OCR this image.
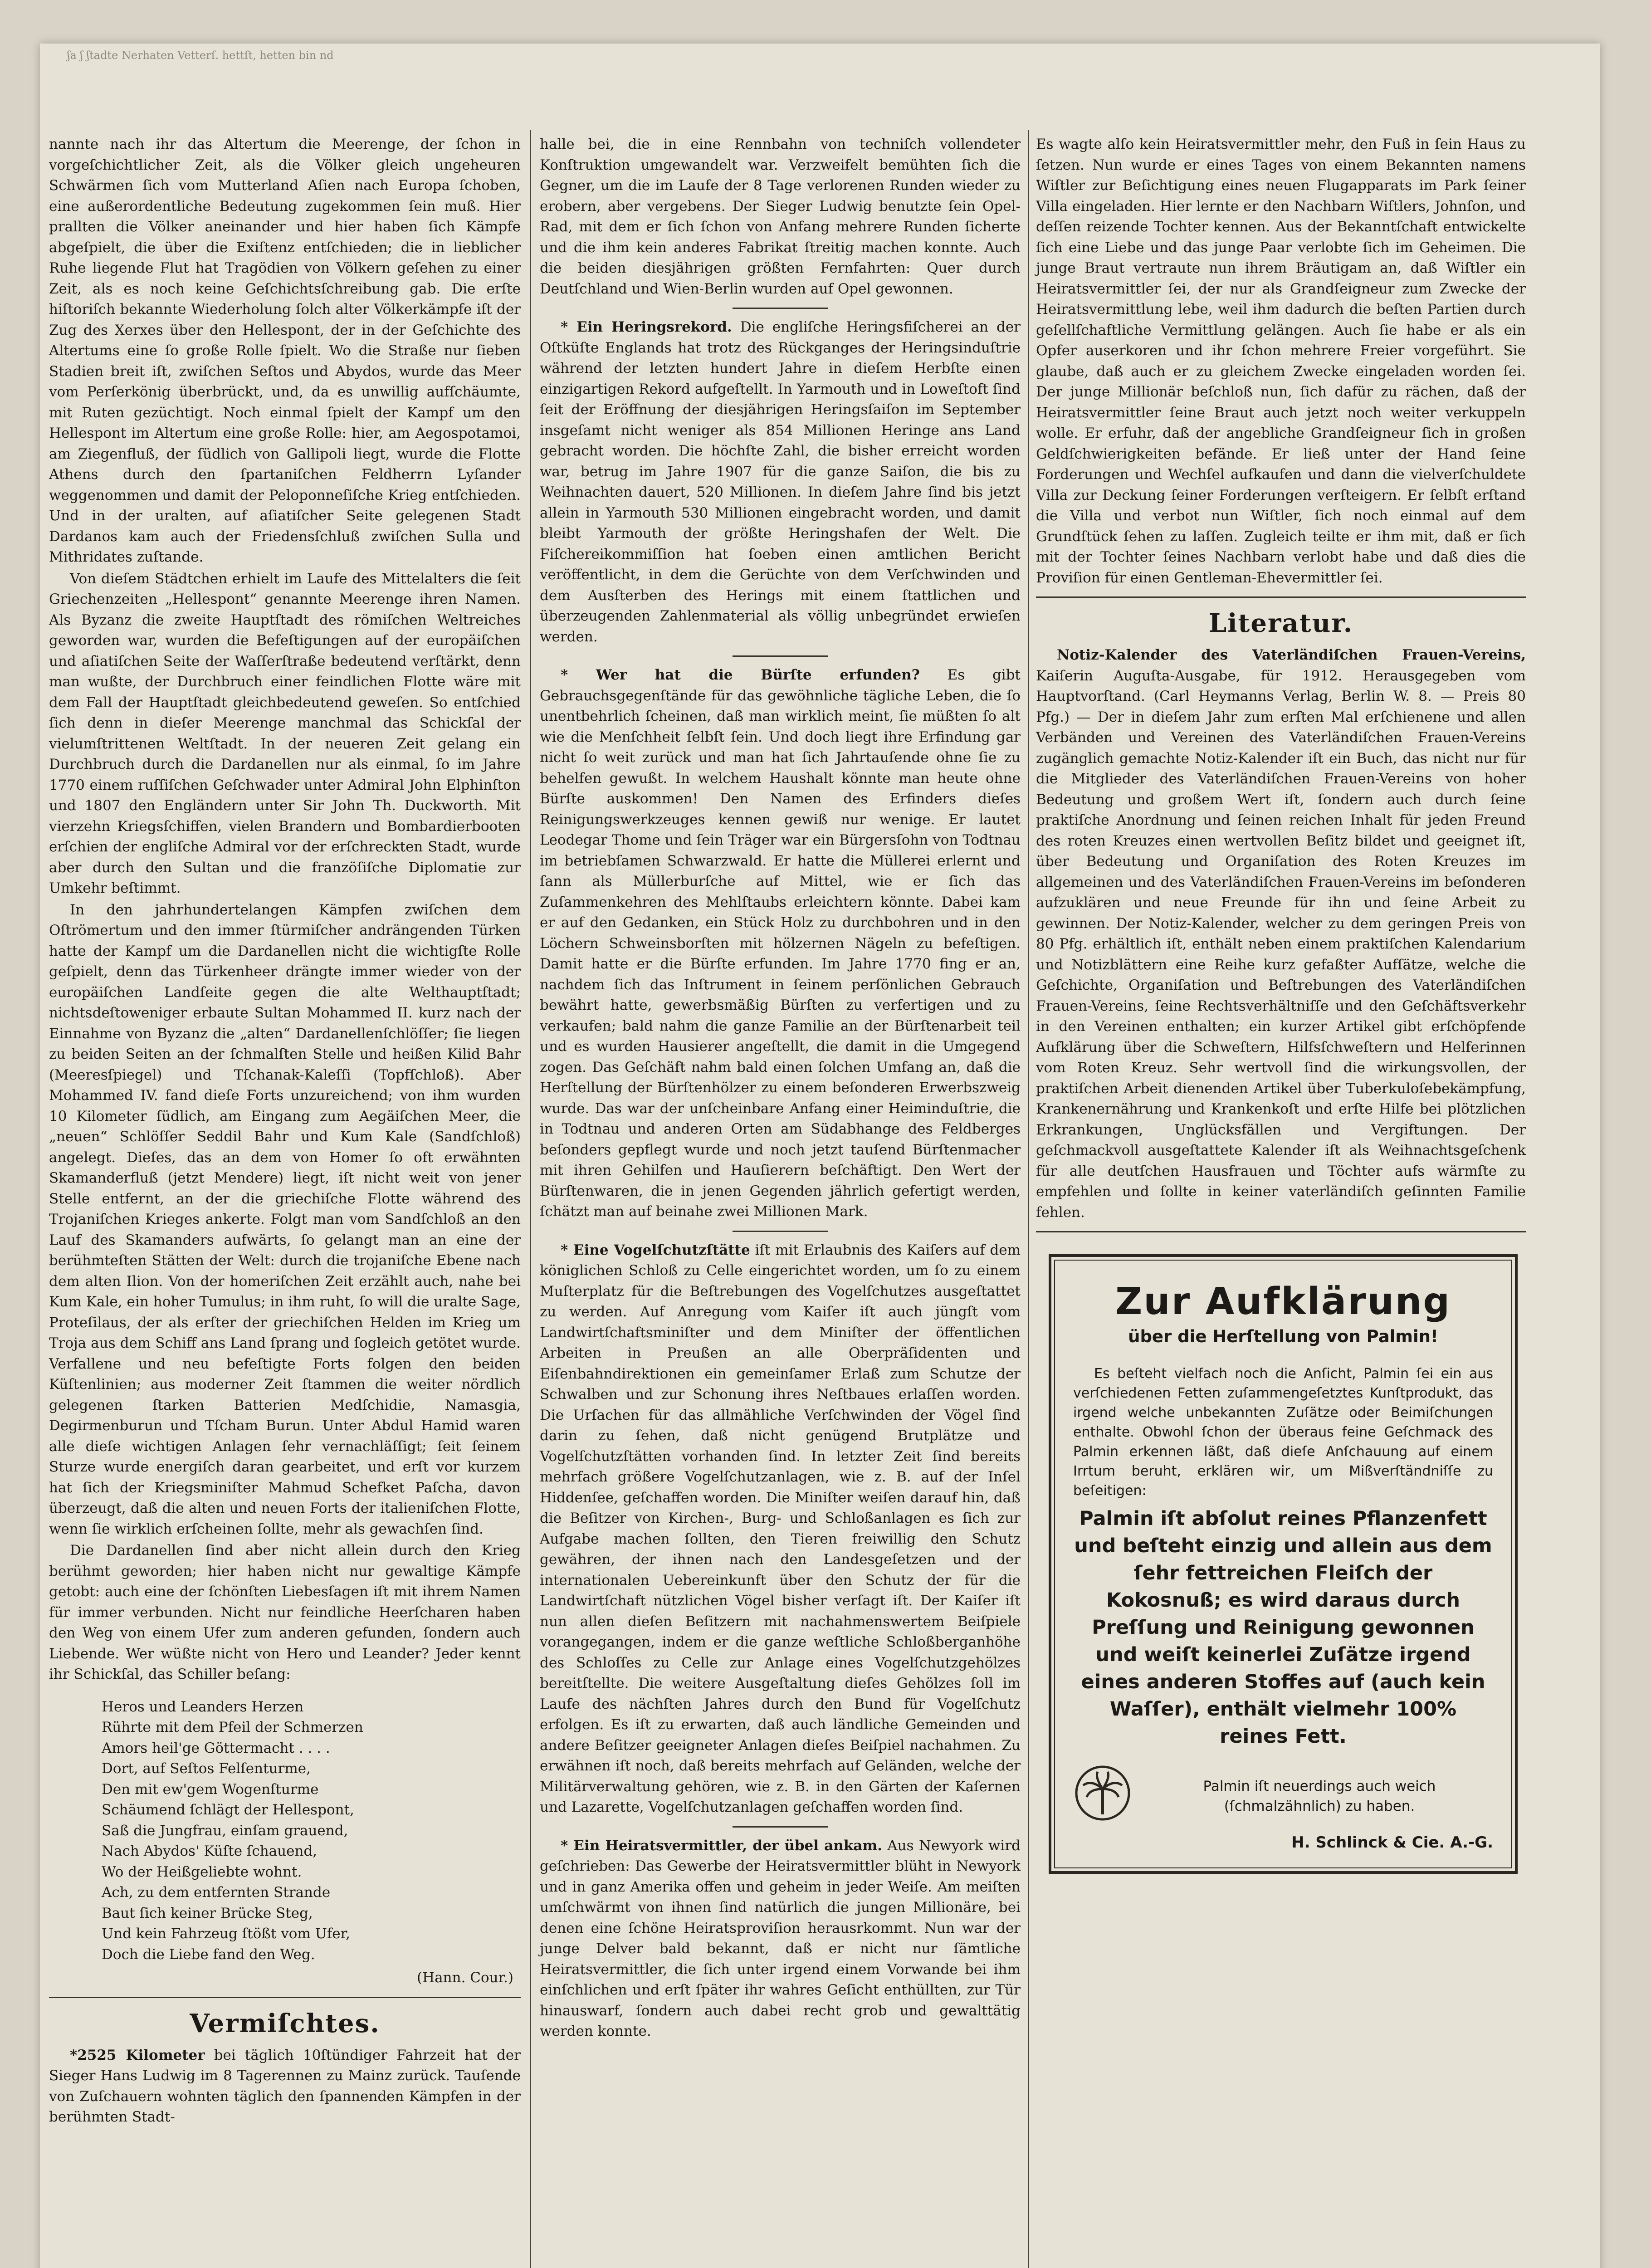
ʃa ʃ ʃtadte Nerhaten Vetterſ. hettſt, hetten bin nd

nannte nach ihr das Altertum die Meerenge, der ſchon in vorgeſchichtlicher Zeit, als die Völker gleich ungeheuren Schwärmen ſich vom Mutterland Aſien nach Europa ſchoben, eine außerordentliche Bedeutung zugekommen ſein muß. Hier prallten die Völker aneinander und hier haben ſich Kämpfe abgeſpielt, die über die Exiſtenz entſchieden; die in lieblicher Ruhe liegende Flut hat Tragödien von Völkern geſehen zu einer Zeit, als es noch keine Geſchichtsſchreibung gab. Die erſte hiſtoriſch bekannte Wiederholung ſolch alter Völkerkämpfe iſt der Zug des Xerxes über den Hellespont, der in der Geſchichte des Altertums eine ſo große Rolle ſpielt. Wo die Straße nur ſieben Stadien breit iſt, zwiſchen Seſtos und Abydos, wurde das Meer vom Perſerkönig überbrückt, und, da es unwillig aufſchäumte, mit Ruten gezüchtigt. Noch einmal ſpielt der Kampf um den Hellespont im Altertum eine große Rolle: hier, am Aegospotamoi, am Ziegenfluß, der ſüdlich von Gallipoli liegt, wurde die Flotte Athens durch den ſpartaniſchen Feldherrn Lyſander weggenommen und damit der Peloponneſiſche Krieg entſchieden. Und in der uralten, auf aſiatiſcher Seite gelegenen Stadt Dardanos kam auch der Friedensſchluß zwiſchen Sulla und Mithridates zuſtande.

Von dieſem Städtchen erhielt im Laufe des Mittelalters die ſeit Griechenzeiten „Hellespont“ genannte Meerenge ihren Namen. Als Byzanz die zweite Hauptſtadt des römiſchen Weltreiches geworden war, wurden die Befeſtigungen auf der europäiſchen und aſiatiſchen Seite der Waſſerſtraße bedeutend verſtärkt, denn man wußte, der Durchbruch einer feindlichen Flotte wäre mit dem Fall der Hauptſtadt gleichbedeutend geweſen. So entſchied ſich denn in dieſer Meerenge manchmal das Schickſal der vielumſtrittenen Weltſtadt. In der neueren Zeit gelang ein Durchbruch durch die Dardanellen nur als einmal, ſo im Jahre 1770 einem ruſſiſchen Geſchwader unter Admiral John Elphinſton und 1807 den Engländern unter Sir John Th. Duckworth. Mit vierzehn Kriegsſchiffen, vielen Brandern und Bombardierbooten erſchien der engliſche Admiral vor der erſchreckten Stadt, wurde aber durch den Sultan und die franzöſiſche Diplomatie zur Umkehr beſtimmt.

In den jahrhundertelangen Kämpfen zwiſchen dem Oſtrömertum und den immer ſtürmiſcher andrängenden Türken hatte der Kampf um die Dardanellen nicht die wichtigſte Rolle geſpielt, denn das Türkenheer drängte immer wieder von der europäiſchen Landſeite gegen die alte Welthauptſtadt; nichtsdeſtoweniger erbaute Sultan Mohammed II. kurz nach der Einnahme von Byzanz die „alten“ Dardanellenſchlöſſer; ſie liegen zu beiden Seiten an der ſchmalſten Stelle und heißen Kilid Bahr (Meeresſpiegel) und Tſchanak-Kaleſſi (Topfſchloß). Aber Mohammed IV. fand dieſe Forts unzureichend; von ihm wurden 10 Kilometer ſüdlich, am Eingang zum Aegäiſchen Meer, die „neuen“ Schlöſſer Seddil Bahr und Kum Kale (Sandſchloß) angelegt. Dieſes, das an dem von Homer ſo oft erwähnten Skamanderfluß (jetzt Mendere) liegt, iſt nicht weit von jener Stelle entfernt, an der die griechiſche Flotte während des Trojaniſchen Krieges ankerte. Folgt man vom Sandſchloß an den Lauf des Skamanders aufwärts, ſo gelangt man an eine der berühmteſten Stätten der Welt: durch die trojaniſche Ebene nach dem alten Ilion. Von der homeriſchen Zeit erzählt auch, nahe bei Kum Kale, ein hoher Tumulus; in ihm ruht, ſo will die uralte Sage, Proteſilaus, der als erſter der griechiſchen Helden im Krieg um Troja aus dem Schiff ans Land ſprang und ſogleich getötet wurde. Verfallene und neu befeſtigte Forts folgen den beiden Küſtenlinien; aus moderner Zeit ſtammen die weiter nördlich gelegenen ſtarken Batterien Medſchidie, Namasgia, Degirmenburun und Tſcham Burun. Unter Abdul Hamid waren alle dieſe wichtigen Anlagen ſehr vernachläſſigt; ſeit ſeinem Sturze wurde energiſch daran gearbeitet, und erſt vor kurzem hat ſich der Kriegsminiſter Mahmud Schefket Paſcha, davon überzeugt, daß die alten und neuen Forts der italieniſchen Flotte, wenn ſie wirklich erſcheinen ſollte, mehr als gewachſen ſind.

Die Dardanellen ſind aber nicht allein durch den Krieg berühmt geworden; hier haben nicht nur gewaltige Kämpfe getobt: auch eine der ſchönſten Liebesſagen iſt mit ihrem Namen für immer verbunden. Nicht nur feindliche Heerſcharen haben den Weg von einem Ufer zum anderen gefunden, ſondern auch Liebende. Wer wüßte nicht von Hero und Leander? Jeder kennt ihr Schickſal, das Schiller beſang:

Heros und Leanders Herzen
Rührte mit dem Pfeil der Schmerzen
Amors heil'ge Göttermacht . . . .
Dort, auf Seſtos Felſenturme,
Den mit ew'gem Wogenſturme
Schäumend ſchlägt der Hellespont,
Saß die Jungfrau, einſam grauend,
Nach Abydos' Küſte ſchauend,
Wo der Heißgeliebte wohnt.
Ach, zu dem entfernten Strande
Baut ſich keiner Brücke Steg,
Und kein Fahrzeug ſtößt vom Ufer,
Doch die Liebe fand den Weg.
(Hann. Cour.)
Vermiſchtes.

*2525 Kilometer bei täglich 10ſtündiger Fahrzeit hat der Sieger Hans Ludwig im 8 Tagerennen zu Mainz zurück. Tauſende von Zuſchauern wohnten täglich den ſpannenden Kämpfen in der berühmten Stadt-

halle bei, die in eine Rennbahn von techniſch vollendeter Konſtruktion umgewandelt war. Verzweifelt bemühten ſich die Gegner, um die im Laufe der 8 Tage verlorenen Runden wieder zu erobern, aber vergebens. Der Sieger Ludwig benutzte ſein Opel-Rad, mit dem er ſich ſchon von Anfang mehrere Runden ſicherte und die ihm kein anderes Fabrikat ſtreitig machen konnte. Auch die beiden diesjährigen größten Fernfahrten: Quer durch Deutſchland und Wien-Berlin wurden auf Opel gewonnen.

* Ein Heringsrekord. Die engliſche Heringsfiſcherei an der Oſtküſte Englands hat trotz des Rückganges der Heringsinduſtrie während der letzten hundert Jahre in dieſem Herbſte einen einzigartigen Rekord aufgeſtellt. In Yarmouth und in Loweſtoft ſind ſeit der Eröffnung der diesjährigen Heringsſaiſon im September insgeſamt nicht weniger als 854 Millionen Heringe ans Land gebracht worden. Die höchſte Zahl, die bisher erreicht worden war, betrug im Jahre 1907 für die ganze Saiſon, die bis zu Weihnachten dauert, 520 Millionen. In dieſem Jahre ſind bis jetzt allein in Yarmouth 530 Millionen eingebracht worden, und damit bleibt Yarmouth der größte Heringshafen der Welt. Die Fiſchereikommiſſion hat ſoeben einen amtlichen Bericht veröffentlicht, in dem die Gerüchte von dem Verſchwinden und dem Ausſterben des Herings mit einem ſtattlichen und überzeugenden Zahlenmaterial als völlig unbegründet erwieſen werden.

* Wer hat die Bürſte erfunden? Es gibt Gebrauchsgegenſtände für das gewöhnliche tägliche Leben, die ſo unentbehrlich ſcheinen, daß man wirklich meint, ſie müßten ſo alt wie die Menſchheit ſelbſt ſein. Und doch liegt ihre Erfindung gar nicht ſo weit zurück und man hat ſich Jahrtauſende ohne ſie zu behelfen gewußt. In welchem Haushalt könnte man heute ohne Bürſte auskommen! Den Namen des Erfinders dieſes Reinigungswerkzeuges kennen gewiß nur wenige. Er lautet Leodegar Thome und ſein Träger war ein Bürgersſohn von Todtnau im betriebſamen Schwarzwald. Er hatte die Müllerei erlernt und ſann als Müllerburſche auf Mittel, wie er ſich das Zuſammenkehren des Mehlſtaubs erleichtern könnte. Dabei kam er auf den Gedanken, ein Stück Holz zu durchbohren und in den Löchern Schweinsborſten mit hölzernen Nägeln zu befeſtigen. Damit hatte er die Bürſte erfunden. Im Jahre 1770 fing er an, nachdem ſich das Inſtrument in ſeinem perſönlichen Gebrauch bewährt hatte, gewerbsmäßig Bürſten zu verfertigen und zu verkaufen; bald nahm die ganze Familie an der Bürſtenarbeit teil und es wurden Hausierer angeſtellt, die damit in die Umgegend zogen. Das Geſchäft nahm bald einen ſolchen Umfang an, daß die Herſtellung der Bürſtenhölzer zu einem beſonderen Erwerbszweig wurde. Das war der unſcheinbare Anfang einer Heiminduſtrie, die in Todtnau und anderen Orten am Südabhange des Feldberges beſonders gepflegt wurde und noch jetzt tauſend Bürſtenmacher mit ihren Gehilfen und Hauſierern beſchäftigt. Den Wert der Bürſtenwaren, die in jenen Gegenden jährlich gefertigt werden, ſchätzt man auf beinahe zwei Millionen Mark.

* Eine Vogelſchutzſtätte iſt mit Erlaubnis des Kaiſers auf dem königlichen Schloß zu Celle eingerichtet worden, um ſo zu einem Muſterplatz für die Beſtrebungen des Vogelſchutzes ausgeſtattet zu werden. Auf Anregung vom Kaiſer iſt auch jüngſt vom Landwirtſchaftsminiſter und dem Miniſter der öffentlichen Arbeiten in Preußen an alle Oberpräſidenten und Eiſenbahndirektionen ein gemeinſamer Erlaß zum Schutze der Schwalben und zur Schonung ihres Neſtbaues erlaſſen worden. Die Urſachen für das allmähliche Verſchwinden der Vögel ſind darin zu ſehen, daß nicht genügend Brutplätze und Vogelſchutzſtätten vorhanden ſind. In letzter Zeit ſind bereits mehrfach größere Vogelſchutzanlagen, wie z. B. auf der Inſel Hiddenſee, geſchaffen worden. Die Miniſter weiſen darauf hin, daß die Beſitzer von Kirchen-, Burg- und Schloßanlagen es ſich zur Aufgabe machen ſollten, den Tieren freiwillig den Schutz gewähren, der ihnen nach den Landesgeſetzen und der internationalen Uebereinkunft über den Schutz der für die Landwirtſchaft nützlichen Vögel bisher verſagt iſt. Der Kaiſer iſt nun allen dieſen Beſitzern mit nachahmenswertem Beiſpiele vorangegangen, indem er die ganze weſtliche Schloßberganhöhe des Schloſſes zu Celle zur Anlage eines Vogelſchutzgehölzes bereitſtellte. Die weitere Ausgeſtaltung dieſes Gehölzes ſoll im Laufe des nächſten Jahres durch den Bund für Vogelſchutz erfolgen. Es iſt zu erwarten, daß auch ländliche Gemeinden und andere Beſitzer geeigneter Anlagen dieſes Beiſpiel nachahmen. Zu erwähnen iſt noch, daß bereits mehrfach auf Geländen, welche der Militärverwaltung gehören, wie z. B. in den Gärten der Kaſernen und Lazarette, Vogelſchutzanlagen geſchaffen worden ſind.

* Ein Heiratsvermittler, der übel ankam. Aus Newyork wird geſchrieben: Das Gewerbe der Heiratsvermittler blüht in Newyork und in ganz Amerika offen und geheim in jeder Weiſe. Am meiſten umſchwärmt von ihnen ſind natürlich die jungen Millionäre, bei denen eine ſchöne Heiratsproviſion herausrkommt. Nun war der junge Delver bald bekannt, daß er nicht nur ſämtliche Heiratsvermittler, die ſich unter irgend einem Vorwande bei ihm einſchlichen und erſt ſpäter ihr wahres Geſicht enthüllten, zur Tür hinauswarf, ſondern auch dabei recht grob und gewalttätig werden konnte.

Es wagte alſo kein Heiratsvermittler mehr, den Fuß in ſein Haus zu ſetzen. Nun wurde er eines Tages von einem Bekannten namens Wiſtler zur Beſichtigung eines neuen Flugapparats im Park ſeiner Villa eingeladen. Hier lernte er den Nachbarn Wiſtlers, Johnſon, und deſſen reizende Tochter kennen. Aus der Bekanntſchaft entwickelte ſich eine Liebe und das junge Paar verlobte ſich im Geheimen. Die junge Braut vertraute nun ihrem Bräutigam an, daß Wiſtler ein Heiratsvermittler ſei, der nur als Grandſeigneur zum Zwecke der Heiratsvermittlung lebe, weil ihm dadurch die beſten Partien durch geſellſchaftliche Vermittlung gelängen. Auch ſie habe er als ein Opfer auserkoren und ihr ſchon mehrere Freier vorgeführt. Sie glaube, daß auch er zu gleichem Zwecke eingeladen worden ſei. Der junge Millionär beſchloß nun, ſich dafür zu rächen, daß der Heiratsvermittler ſeine Braut auch jetzt noch weiter verkuppeln wolle. Er erfuhr, daß der angebliche Grandſeigneur ſich in großen Geldſchwierigkeiten befände. Er ließ unter der Hand ſeine Forderungen und Wechſel aufkaufen und dann die vielverſchuldete Villa zur Deckung ſeiner Forderungen verſteigern. Er ſelbſt erſtand die Villa und verbot nun Wiſtler, ſich noch einmal auf dem Grundſtück ſehen zu laſſen. Zugleich teilte er ihm mit, daß er ſich mit der Tochter ſeines Nachbarn verlobt habe und daß dies die Proviſion für einen Gentleman-Ehevermittler ſei.

Literatur.

Notiz-Kalender des Vaterländiſchen Frauen-Vereins, Kaiſerin Auguſta-Ausgabe, für 1912. Herausgegeben vom Hauptvorſtand. (Carl Heymanns Verlag, Berlin W. 8. — Preis 80 Pfg.) — Der in dieſem Jahr zum erſten Mal erſchienene und allen Verbänden und Vereinen des Vaterländiſchen Frauen-Vereins zugänglich gemachte Notiz-Kalender iſt ein Buch, das nicht nur für die Mitglieder des Vaterländiſchen Frauen-Vereins von hoher Bedeutung und großem Wert iſt, ſondern auch durch ſeine praktiſche Anordnung und ſeinen reichen Inhalt für jeden Freund des roten Kreuzes einen wertvollen Beſitz bildet und geeignet iſt, über Bedeutung und Organiſation des Roten Kreuzes im allgemeinen und des Vaterländiſchen Frauen-Vereins im beſonderen aufzuklären und neue Freunde für ihn und ſeine Arbeit zu gewinnen. Der Notiz-Kalender, welcher zu dem geringen Preis von 80 Pfg. erhältlich iſt, enthält neben einem praktiſchen Kalendarium und Notizblättern eine Reihe kurz gefaßter Aufſätze, welche die Geſchichte, Organiſation und Beſtrebungen des Vaterländiſchen Frauen-Vereins, ſeine Rechtsverhältniſſe und den Geſchäftsverkehr in den Vereinen enthalten; ein kurzer Artikel gibt erſchöpfende Aufklärung über die Schweſtern, Hilfsſchweſtern und Helferinnen vom Roten Kreuz. Sehr wertvoll ſind die wirkungsvollen, der praktiſchen Arbeit dienenden Artikel über Tuberkuloſebekämpfung, Krankenernährung und Krankenkoſt und erſte Hilfe bei plötzlichen Erkrankungen, Unglücksfällen und Vergiftungen. Der geſchmackvoll ausgeſtattete Kalender iſt als Weihnachtsgeſchenk für alle deutſchen Hausfrauen und Töchter aufs wärmſte zu empfehlen und ſollte in keiner vaterländiſch geſinnten Familie fehlen.

Zur Aufklärung
über die Herſtellung von Palmin!

Es beſteht vielfach noch die Anſicht, Palmin ſei ein aus verſchiedenen Fetten zuſammengeſetztes Kunſtprodukt, das irgend welche unbekannten Zuſätze oder Beimiſchungen enthalte. Obwohl ſchon der überaus feine Geſchmack des Palmin erkennen läßt, daß dieſe Anſchauung auf einem Irrtum beruht, erklären wir, um Mißverſtändniſſe zu beſeitigen:

Palmin iſt abſolut reines Pflanzenfett und beſteht einzig und allein aus dem ſehr fettreichen Fleiſch der Kokosnuß; es wird daraus durch Preſſung und Reinigung gewonnen und weiſt keinerlei Zuſätze irgend eines anderen Stoffes auf (auch kein Waſſer), enthält vielmehr 100% reines Fett.
Palmin iſt neuerdings auch weich (ſchmalzähnlich) zu haben.
H. Schlinck & Cie. A.-G.
